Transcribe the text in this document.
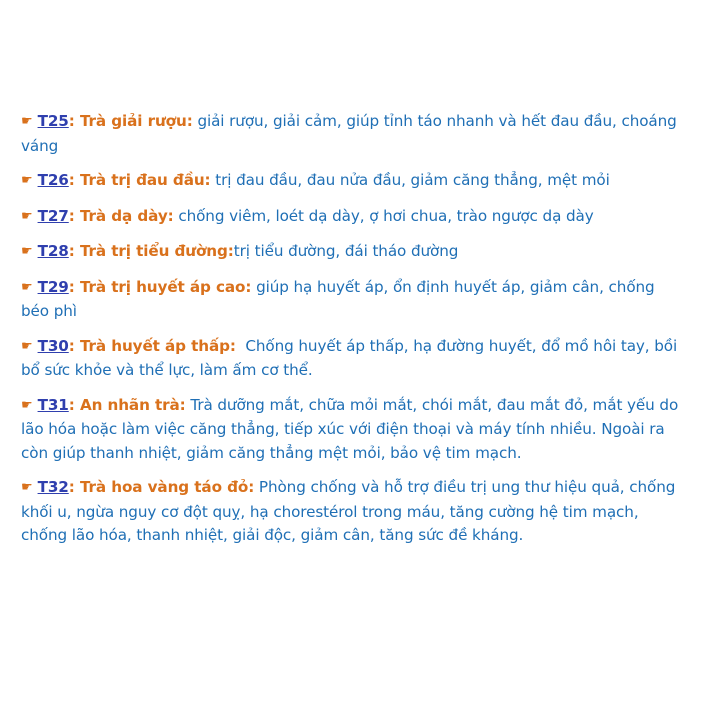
☛ T25: Trà giải rượu: giải rượu, giải cảm, giúp tỉnh táo nhanh và hết đau đầu, choáng váng
☛ T26: Trà trị đau đầu: trị đau đầu, đau nửa đầu, giảm căng thẳng, mệt mỏi
☛ T27: Trà dạ dày: chống viêm, loét dạ dày, ợ hơi chua, trào ngược dạ dày
☛ T28: Trà trị tiểu đường:trị tiểu đường, đái tháo đường
☛ T29: Trà trị huyết áp cao: giúp hạ huyết áp, ổn định huyết áp, giảm cân, chống béo phì
☛ T30: Trà huyết áp thấp: Chống huyết áp thấp, hạ đường huyết, đổ mồ hôi tay, bồi bổ sức khỏe và thể lực, làm ấm cơ thể.
☛ T31: An nhãn trà: Trà dưỡng mắt, chữa mỏi mắt, chói mắt, đau mắt đỏ, mắt yếu do lão hóa hoặc làm việc căng thẳng, tiếp xúc với điện thoại và máy tính nhiều. Ngoài ra còn giúp thanh nhiệt, giảm căng thẳng mệt mỏi, bảo vệ tim mạch.
☛ T32: Trà hoa vàng táo đỏ: Phòng chống và hỗ trợ điều trị ung thư hiệu quả, chống khối u, ngừa nguy cơ đột quỵ, hạ chorestérol trong máu, tăng cường hệ tim mạch, chống lão hóa, thanh nhiệt, giải độc, giảm cân, tăng sức đề kháng.
